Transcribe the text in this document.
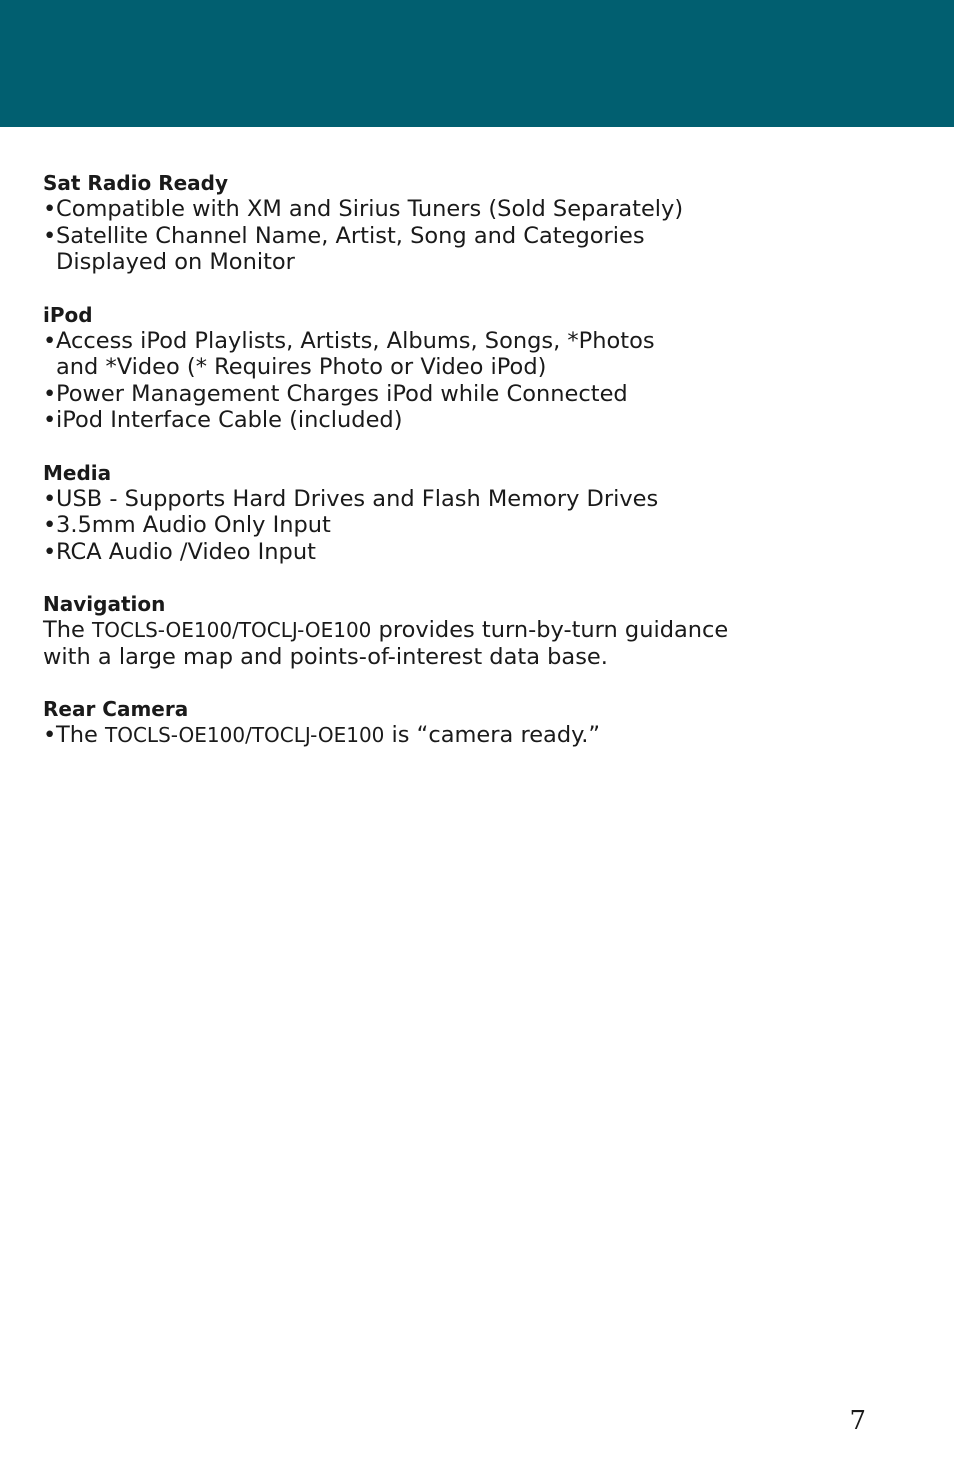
Sat Radio Ready
• Compatible with XM and Sirius Tuners (Sold Separately)
• Satellite Channel Name, Artist, Song and Categories Displayed on Monitor
iPod
• Access iPod Playlists, Artists, Albums, Songs, *Photos and *Video (* Requires Photo or Video iPod)
• Power Management Charges iPod while Connected
• iPod Interface Cable (included)
Media
• USB - Supports Hard Drives and Flash Memory Drives
• 3.5mm Audio Only Input
• RCA Audio /Video Input
Navigation

The TOCLS-OE100/TOCLJ-OE100 provides turn-by-turn guidance with a large map and points-of-interest data base.

Rear Camera
• The TOCLS-OE100/TOCLJ-OE100 is “camera ready.”
7
